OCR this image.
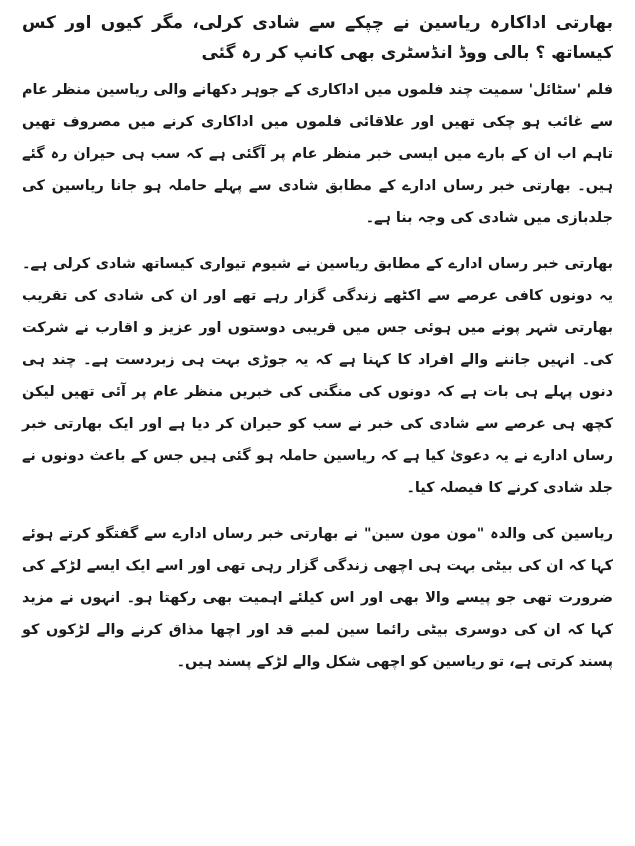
بھارتی اداکارہ ریاسین نے چپکے سے شادی کرلی، مگر کیوں اور کس کیساتھ ؟ بالی ووڈ انڈسٹری بھی کانپ کر رہ گئی

فلم 'سٹائل' سمیت چند فلموں میں اداکاری کے جوہر دکھانے والی ریاسین منظر عام سے غائب ہو چکی تھیں اور علاقائی فلموں میں اداکاری کرنے میں مصروف تھیں تاہم اب ان کے بارے میں ایسی خبر منظر عام پر آگئی ہے کہ سب ہی حیران رہ گئے ہیں۔ بھارتی خبر رساں ادارے کے مطابق شادی سے پہلے حاملہ ہو جانا ریاسین کی جلدبازی میں شادی کی وجہ بنا ہے۔

بھارتی خبر رساں ادارے کے مطابق ریاسین نے شیوم تیواری کیساتھ شادی کرلی ہے۔ یہ دونوں کافی عرصے سے اکٹھے زندگی گزار رہے تھے اور ان کی شادی کی تقریب بھارتی شہر پونے میں ہوئی جس میں قریبی دوستوں اور عزیز و اقارب نے شرکت کی۔ انہیں جاننے والے افراد کا کہنا ہے کہ یہ جوڑی بہت ہی زبردست ہے۔ چند ہی دنوں پہلے ہی بات ہے کہ دونوں کی منگنی کی خبریں منظر عام پر آئی تھیں لیکن کچھ ہی عرصے سے شادی کی خبر نے سب کو حیران کر دیا ہے اور ایک بھارتی خبر رساں ادارے نے یہ دعویٰ کیا ہے کہ ریاسین حاملہ ہو گئی ہیں جس کے باعث دونوں نے جلد شادی کرنے کا فیصلہ کیا۔

ریاسین کی والدہ "مون مون سین" نے بھارتی خبر رساں ادارے سے گفتگو کرتے ہوئے کہا کہ ان کی بیٹی بہت ہی اچھی زندگی گزار رہی تھی اور اسے ایک ایسے لڑکے کی ضرورت تھی جو پیسے والا بھی اور اس کیلئے اہمیت بھی رکھتا ہو۔ انہوں نے مزید کہا کہ ان کی دوسری بیٹی رائما سین لمبے قد اور اچھا مذاق کرنے والے لڑکوں کو پسند کرتی ہے، تو ریاسین کو اچھی شکل والے لڑکے پسند ہیں۔
